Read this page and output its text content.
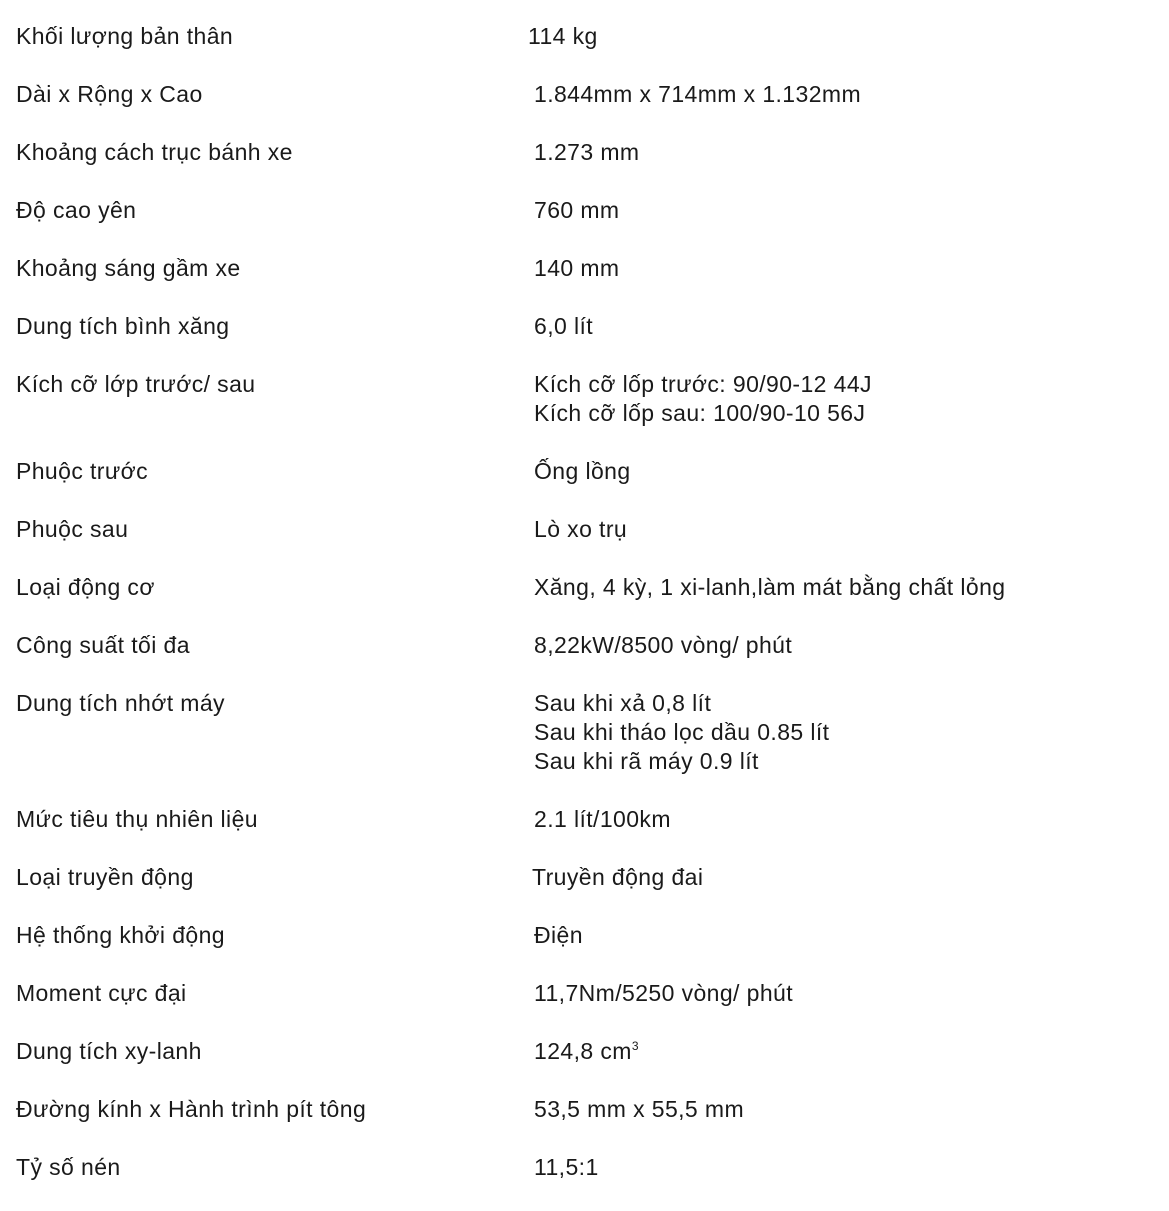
Khối lượng bản thân	114 kg
Dài x Rộng x Cao	1.844mm x 714mm x 1.132mm
Khoảng cách trục bánh xe	1.273 mm
Độ cao yên	760 mm
Khoảng sáng gầm xe	140 mm
Dung tích bình xăng	6,0 lít
Kích cỡ lớp trước/ sau	Kích cỡ lốp trước: 90/90-12 44J
Kích cỡ lốp sau: 100/90-10 56J
Phuộc trước	Ống lồng
Phuộc sau	Lò xo trụ
Loại động cơ	Xăng, 4 kỳ, 1 xi-lanh,làm mát bằng chất lỏng
Công suất tối đa	8,22kW/8500 vòng/ phút
Dung tích nhớt máy	Sau khi xả 0,8 lít
Sau khi tháo lọc dầu 0.85 lít
Sau khi rã máy 0.9 lít
Mức tiêu thụ nhiên liệu	2.1 lít/100km
Loại truyền động	Truyền động đai
Hệ thống khởi động	Điện
Moment cực đại	11,7Nm/5250 vòng/ phút
Dung tích xy-lanh	124,8 $cm^3$
Đường kính x Hành trình pít tông	53,5 mm x 55,5 mm
Tỷ số nén	11,5:1
